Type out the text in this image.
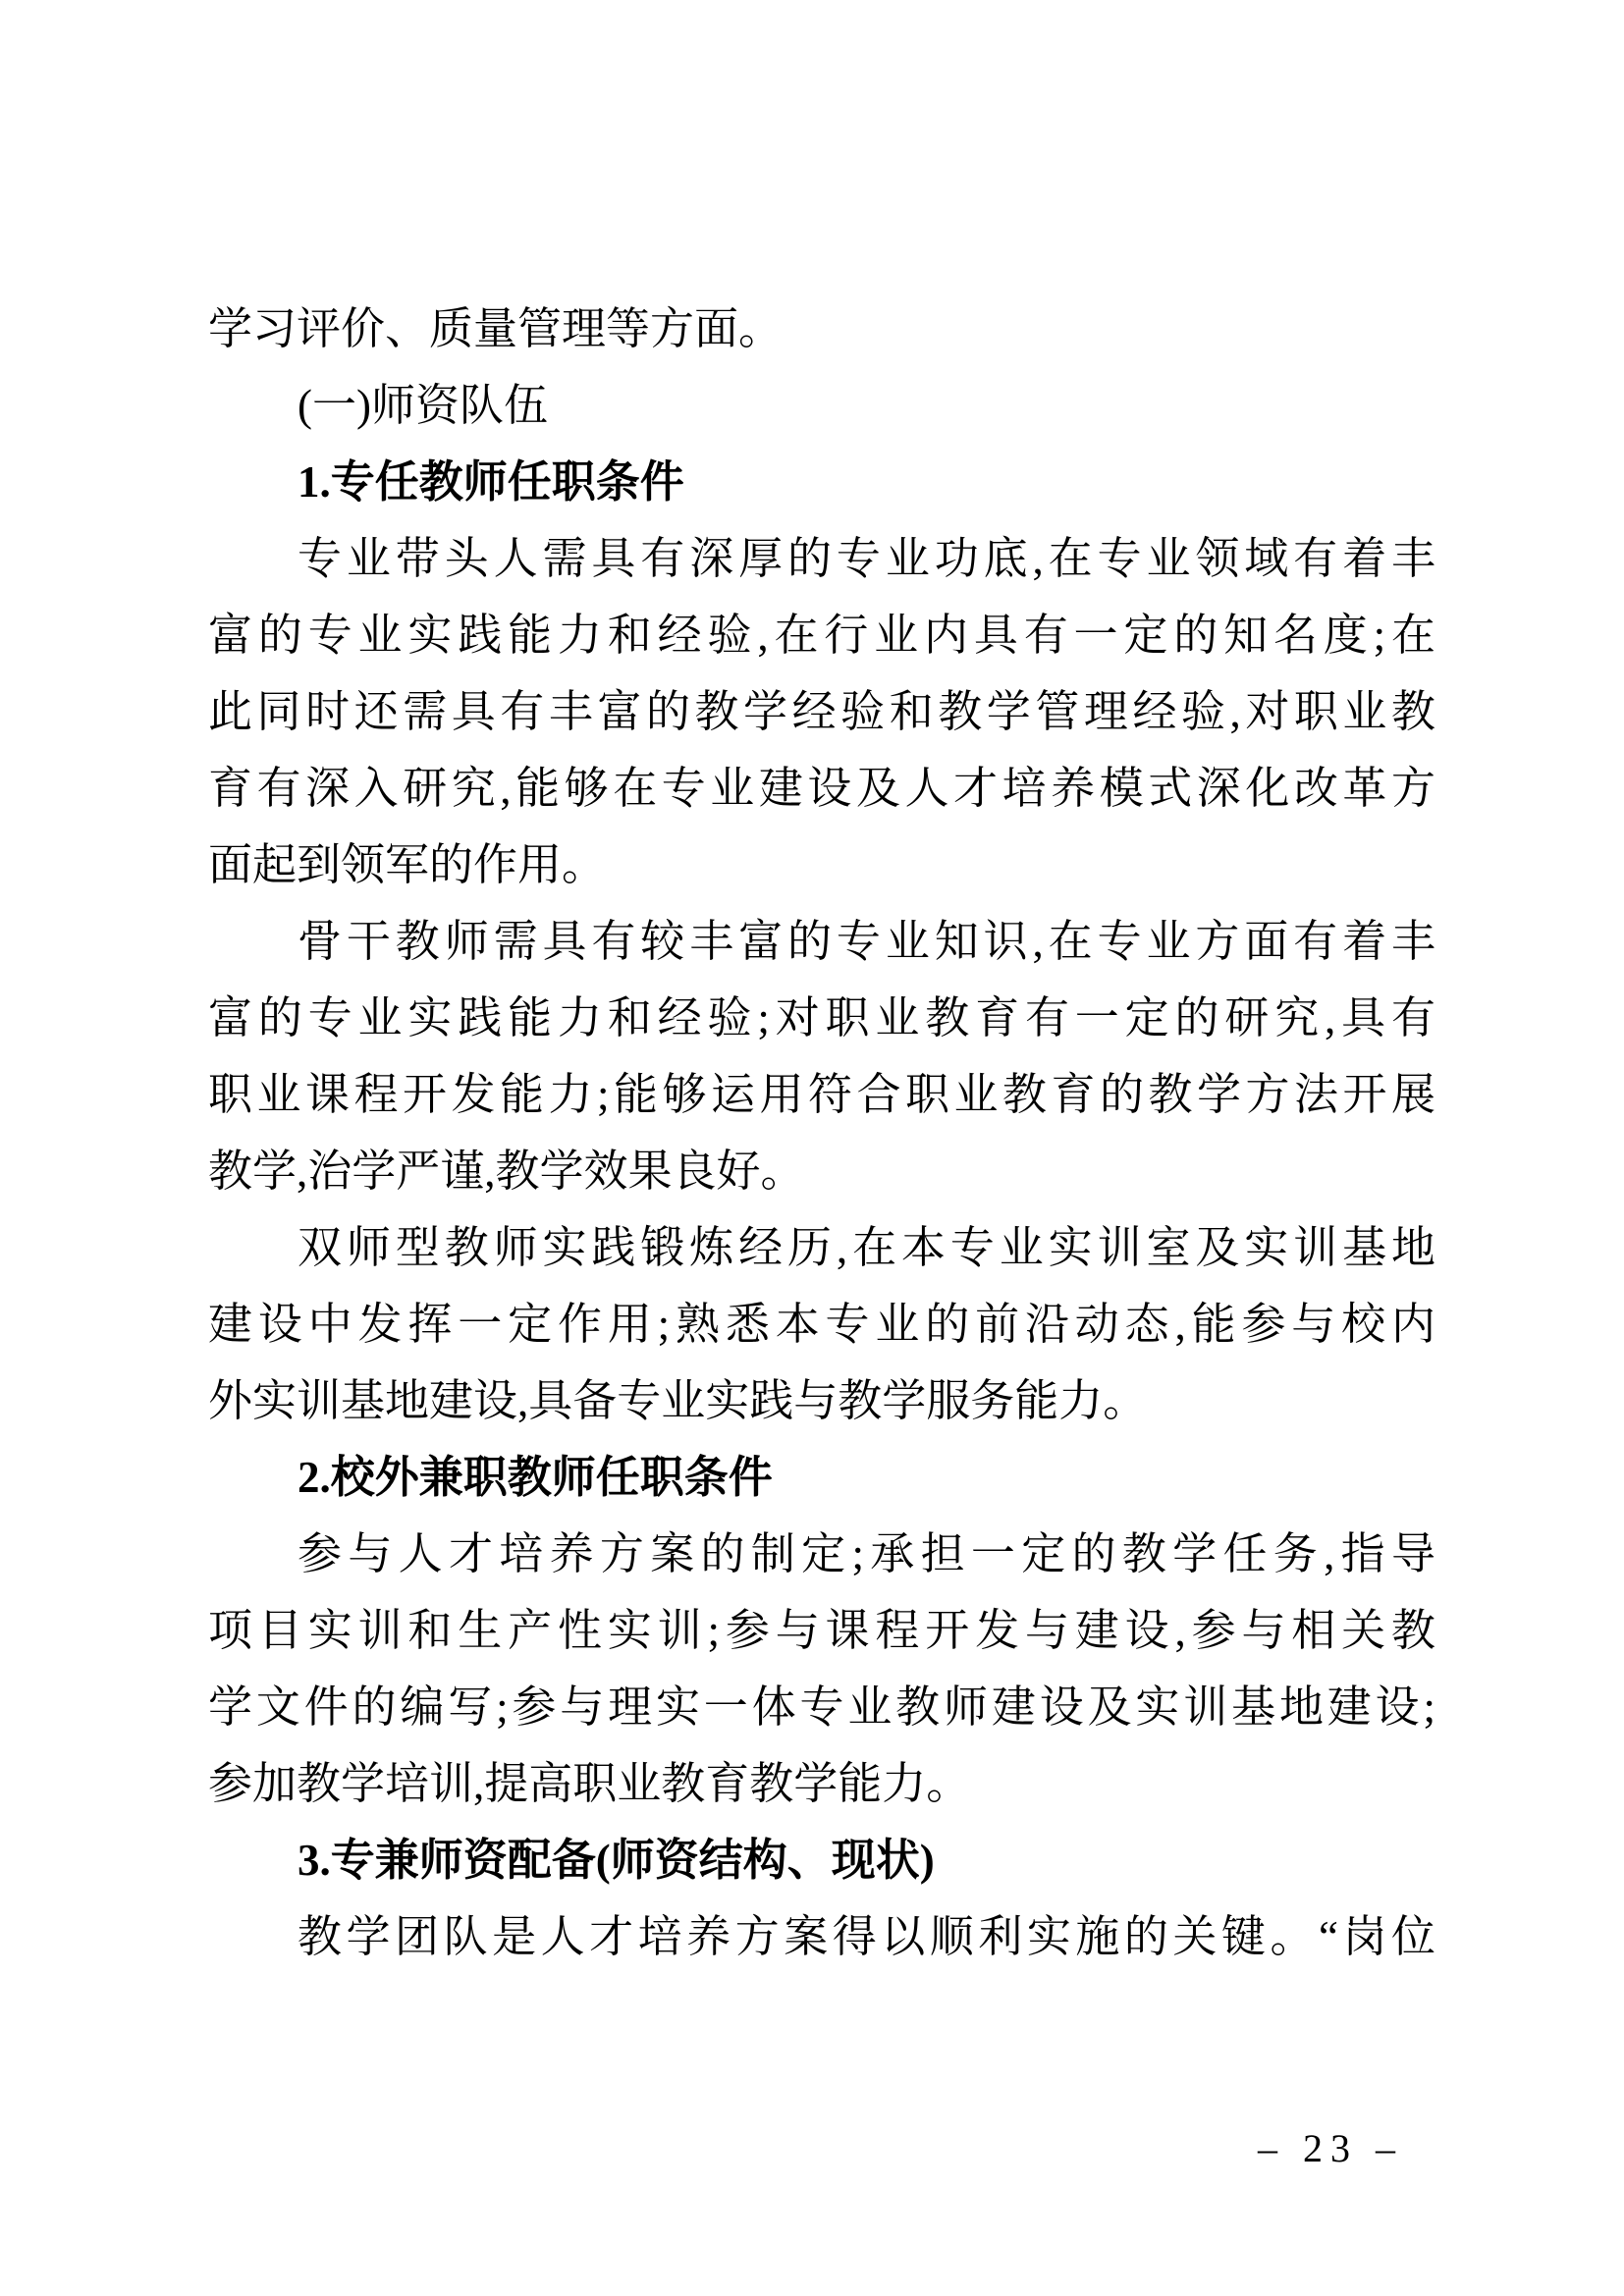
学习评价、质量管理等方面。
(一)师资队伍
1.专任教师任职条件
专业带头人需具有深厚的专业功底,在专业领域有着丰
富的专业实践能力和经验,在行业内具有一定的知名度;在
此同时还需具有丰富的教学经验和教学管理经验,对职业教
育有深入研究,能够在专业建设及人才培养模式深化改革方
面起到领军的作用。
骨干教师需具有较丰富的专业知识,在专业方面有着丰
富的专业实践能力和经验;对职业教育有一定的研究,具有
职业课程开发能力;能够运用符合职业教育的教学方法开展
教学,治学严谨,教学效果良好。
双师型教师实践锻炼经历,在本专业实训室及实训基地
建设中发挥一定作用;熟悉本专业的前沿动态,能参与校内
外实训基地建设,具备专业实践与教学服务能力。
2.校外兼职教师任职条件
参与人才培养方案的制定;承担一定的教学任务,指导
项目实训和生产性实训;参与课程开发与建设,参与相关教
学文件的编写;参与理实一体专业教师建设及实训基地建设;
参加教学培训,提高职业教育教学能力。
3.专兼师资配备(师资结构、现状)
教学团队是人才培养方案得以顺利实施的关键。“岗位
– 23 –
